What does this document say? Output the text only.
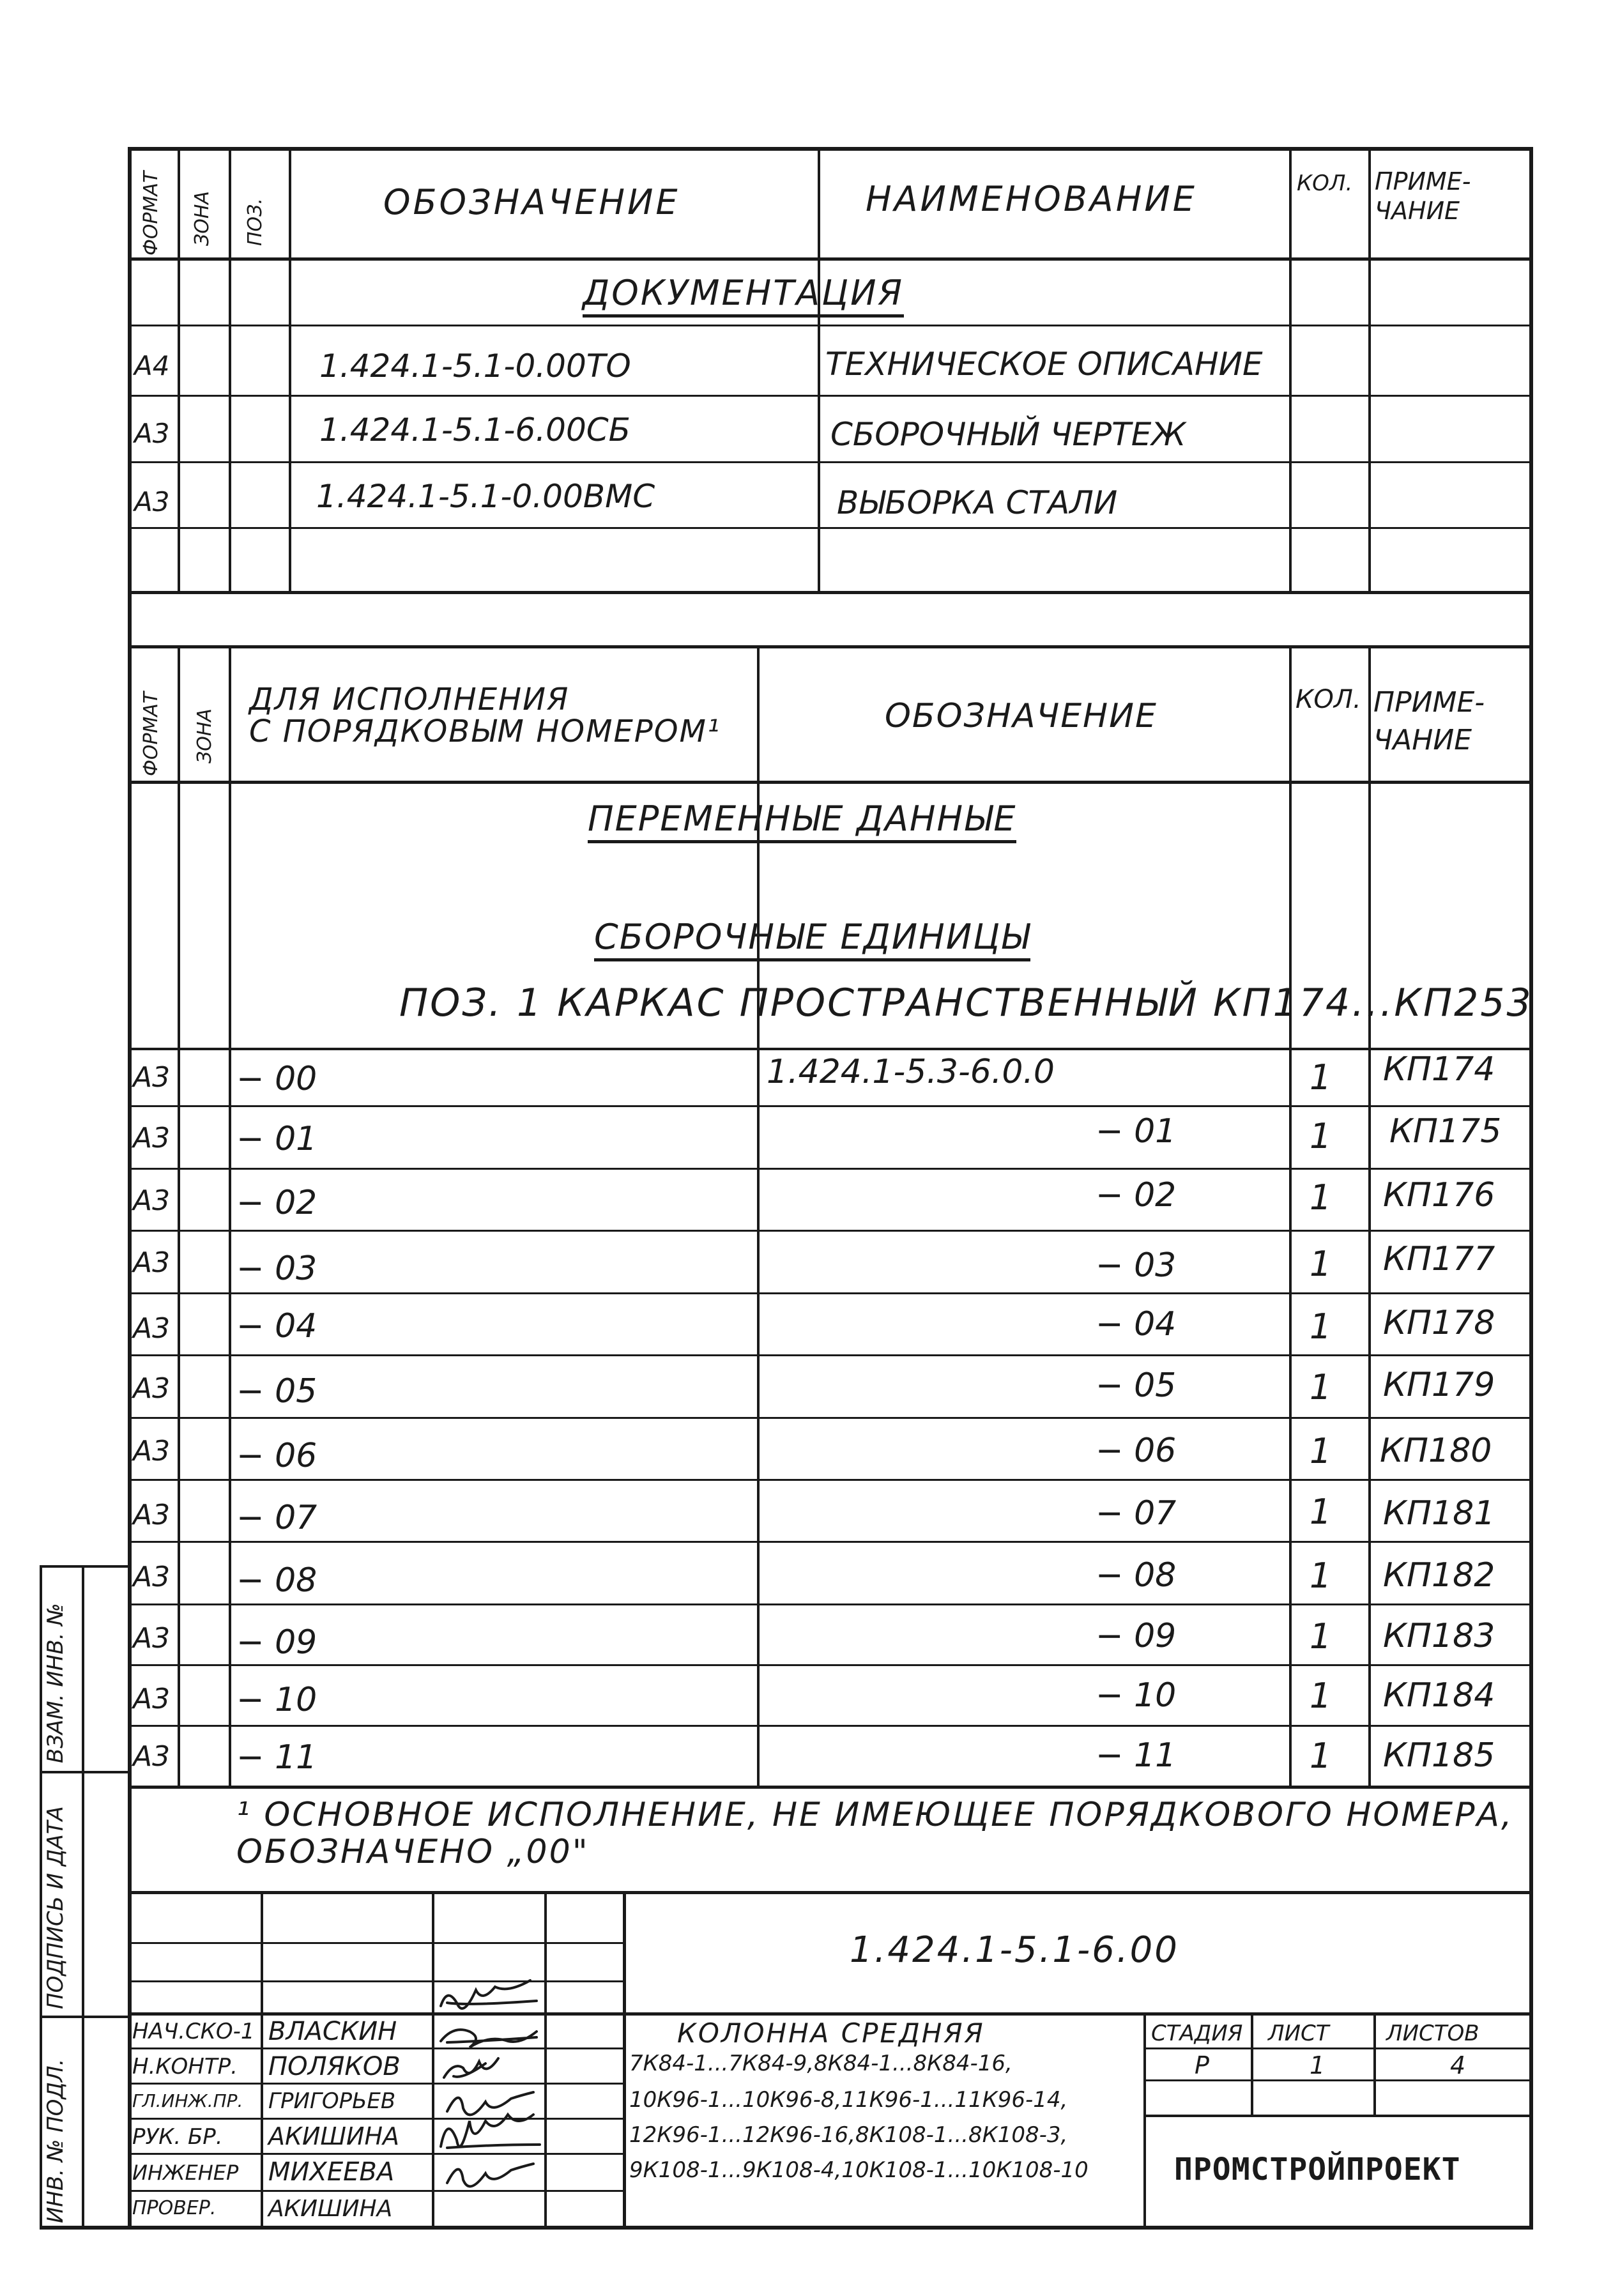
ФОРМАТ ЗОНА ПОЗ.	ОБОЗНАЧЕНИЕ	НАИМЕНОВАНИЕ	КОЛ. ПРИМЕ-
ЧАНИЕ
ДОКУМЕНТАЦИЯ
А4	1.424.1-5.1-0.00ТО	ТЕХНИЧЕСКОЕ ОПИСАНИЕ
А3	1.424.1-5.1-6.00СБ	СБОРОЧНЫЙ ЧЕРТЕЖ
А3	1.424.1-5.1-0.00ВМС	ВЫБОРКА СТАЛИ
ФОРМАТ ЗОНА
ДЛЯ ИСПОЛНЕНИЯ
С ПОРЯДКОВЫМ НОМЕРОМ¹	ОБОЗНАЧЕНИЕ	КОЛ. ПРИМЕ-
ЧАНИЕ
ПЕРЕМЕННЫЕ ДАННЫЕ
СБОРОЧНЫЕ ЕДИНИЦЫ
ПОЗ. 1 КАРКАС ПРОСТРАНСТВЕННЫЙ КП174...КП253
А3 − 00	1.424.1-5.3-6.0.0	1 КП174
А3 − 01	− 01	1 КП175
А3 − 02	− 02	1 КП176
А3 − 03	− 03	1 КП177
А3 − 04	− 04	1 КП178
А3 − 05	− 05	1 КП179
А3 − 06	− 06	1 КП180
А3 − 07	− 07	1 КП181
А3 − 08	− 08	1 КП182
А3 − 09	− 09	1 КП183
А3 − 10	− 10	1 КП184
А3 − 11	− 11	1 КП185
¹ ОСНОВНОЕ ИСПОЛНЕНИЕ, НЕ ИМЕЮЩЕЕ ПОРЯДКОВОГО НОМЕРА,
ОБОЗНАЧЕНО „00"
ВЗАМ. ИНВ. №
ПОДПИСЬ И ДАТА
ИНВ. № ПОДЛ.
1.424.1-5.1-6.00
НАЧ.СКО-1 ВЛАСКИН
Н.КОНТР. ПОЛЯКОВ
ГЛ.ИНЖ.ПР. ГРИГОРЬЕВ
РУК. БР. АКИШИНА
ИНЖЕНЕР МИХЕЕВА
ПРОВЕР. АКИШИНА
КОЛОННА СРЕДНЯЯ
7К84-1...7К84-9,8К84-1...8К84-16,
10К96-1...10К96-8,11К96-1...11К96-14,
12К96-1...12К96-16,8К108-1...8К108-3,
9К108-1...9К108-4,10К108-1...10К108-10
СТАДИЯ ЛИСТ	ЛИСТОВ
Р	1	4
ПРОМСТРОЙПРОЕКТ
